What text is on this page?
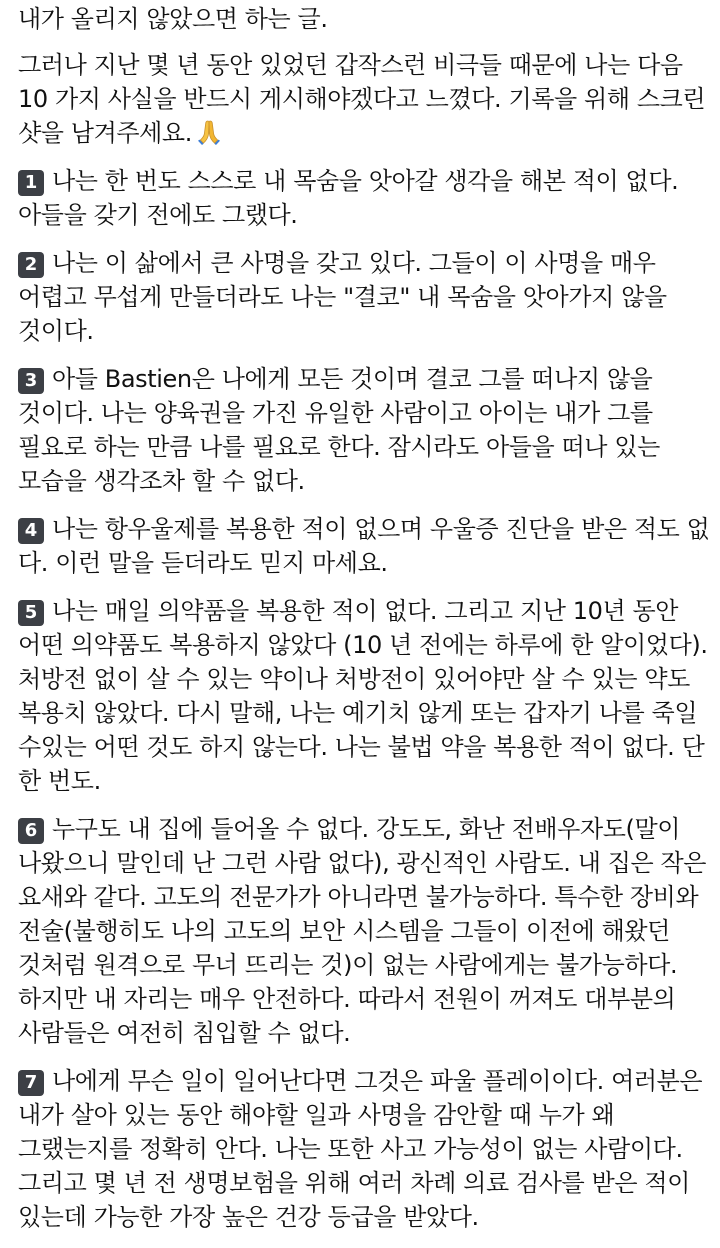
내가 올리지 않았으면 하는 글.

그러나 지난 몇 년 동안 있었던 갑작스런 비극들 때문에 나는 다음 10 가지 사실을 반드시 게시해야겠다고 느꼈다. 기록을 위해 스크린 샷을 남겨주세요.

1 나는 한 번도 스스로 내 목숨을 앗아갈 생각을 해본 적이 없다. 아들을 갖기 전에도 그랬다.

2 나는 이 삶에서 큰 사명을 갖고 있다. 그들이 이 사명을 매우 어렵고 무섭게 만들더라도 나는 "결코" 내 목숨을 앗아가지 않을 것이다.

3 아들 Bastien은 나에게 모든 것이며 결코 그를 떠나지 않을 것이다. 나는 양육권을 가진 유일한 사람이고 아이는 내가 그를 필요로 하는 만큼 나를 필요로 한다. 잠시라도 아들을 떠나 있는 모습을 생각조차 할 수 없다.

4 나는 항우울제를 복용한 적이 없으며 우울증 진단을 받은 적도 없 다. 이런 말을 듣더라도 믿지 마세요.

5 나는 매일 의약품을 복용한 적이 없다. 그리고 지난 10년 동안 어떤 의약품도 복용하지 않았다 (10 년 전에는 하루에 한 알이었다). 처방전 없이 살 수 있는 약이나 처방전이 있어야만 살 수 있는 약도 복용치 않았다. 다시 말해, 나는 예기치 않게 또는 갑자기 나를 죽일 수있는 어떤 것도 하지 않는다. 나는 불법 약을 복용한 적이 없다. 단 한 번도.

6 누구도 내 집에 들어올 수 없다. 강도도, 화난 전배우자도(말이 나왔으니 말인데 난 그런 사람 없다), 광신적인 사람도. 내 집은 작은 요새와 같다. 고도의 전문가가 아니라면 불가능하다. 특수한 장비와 전술(불행히도 나의 고도의 보안 시스템을 그들이 이전에 해왔던 것처럼 원격으로 무너 뜨리는 것)이 없는 사람에게는 불가능하다. 하지만 내 자리는 매우 안전하다. 따라서 전원이 꺼져도 대부분의 사람들은 여전히 침입할 수 없다.

7 나에게 무슨 일이 일어난다면 그것은 파울 플레이이다. 여러분은 내가 살아 있는 동안 해야할 일과 사명을 감안할 때 누가 왜 그랬는지를 정확히 안다. 나는 또한 사고 가능성이 없는 사람이다. 그리고 몇 년 전 생명보험을 위해 여러 차례 의료 검사를 받은 적이 있는데 가능한 가장 높은 건강 등급을 받았다.
